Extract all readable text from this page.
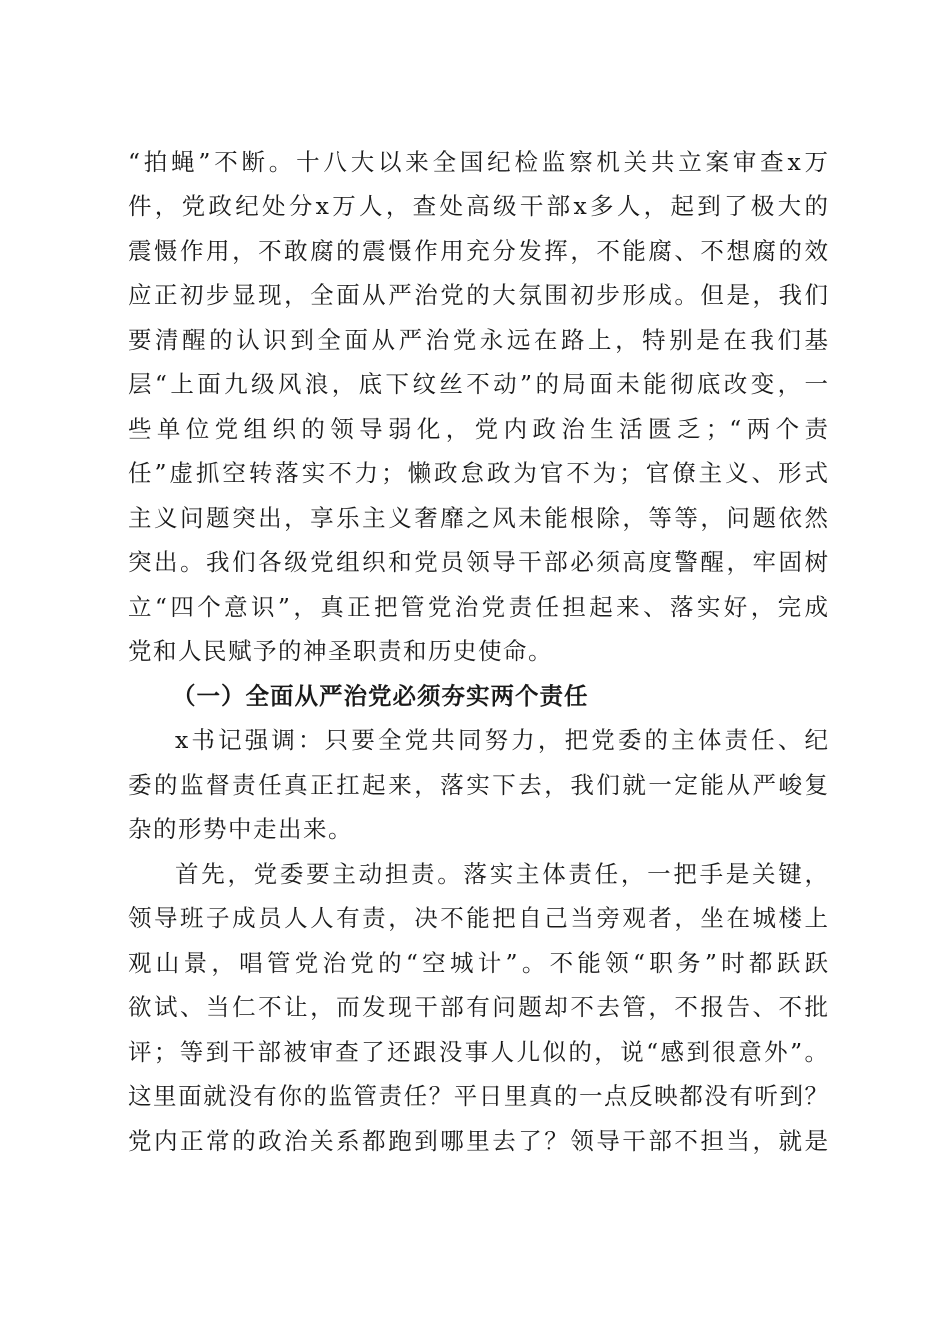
“拍蝇”不断。十八大以来全国纪检监察机关共立案审查x万
件，党政纪处分x万人，查处高级干部x多人，起到了极大的
震慑作用，不敢腐的震慑作用充分发挥，不能腐、不想腐的效
应正初步显现，全面从严治党的大氛围初步形成。但是，我们
要清醒的认识到全面从严治党永远在路上，特别是在我们基
层“上面九级风浪，底下纹丝不动”的局面未能彻底改变，一
些单位党组织的领导弱化，党内政治生活匮乏；“两个责
任”虚抓空转落实不力；懒政怠政为官不为；官僚主义、形式
主义问题突出，享乐主义奢靡之风未能根除，等等，问题依然
突出。我们各级党组织和党员领导干部必须高度警醒，牢固树
立“四个意识”，真正把管党治党责任担起来、落实好，完成
党和人民赋予的神圣职责和历史使命。
（一）全面从严治党必须夯实两个责任
x书记强调：只要全党共同努力，把党委的主体责任、纪
委的监督责任真正扛起来，落实下去，我们就一定能从严峻复
杂的形势中走出来。
首先，党委要主动担责。落实主体责任，一把手是关键，
领导班子成员人人有责，决不能把自己当旁观者，坐在城楼上
观山景，唱管党治党的“空城计”。不能领“职务”时都跃跃
欲试、当仁不让，而发现干部有问题却不去管，不报告、不批
评；等到干部被审查了还跟没事人儿似的，说“感到很意外”。
这里面就没有你的监管责任？平日里真的一点反映都没有听到？
党内正常的政治关系都跑到哪里去了？领导干部不担当，就是
